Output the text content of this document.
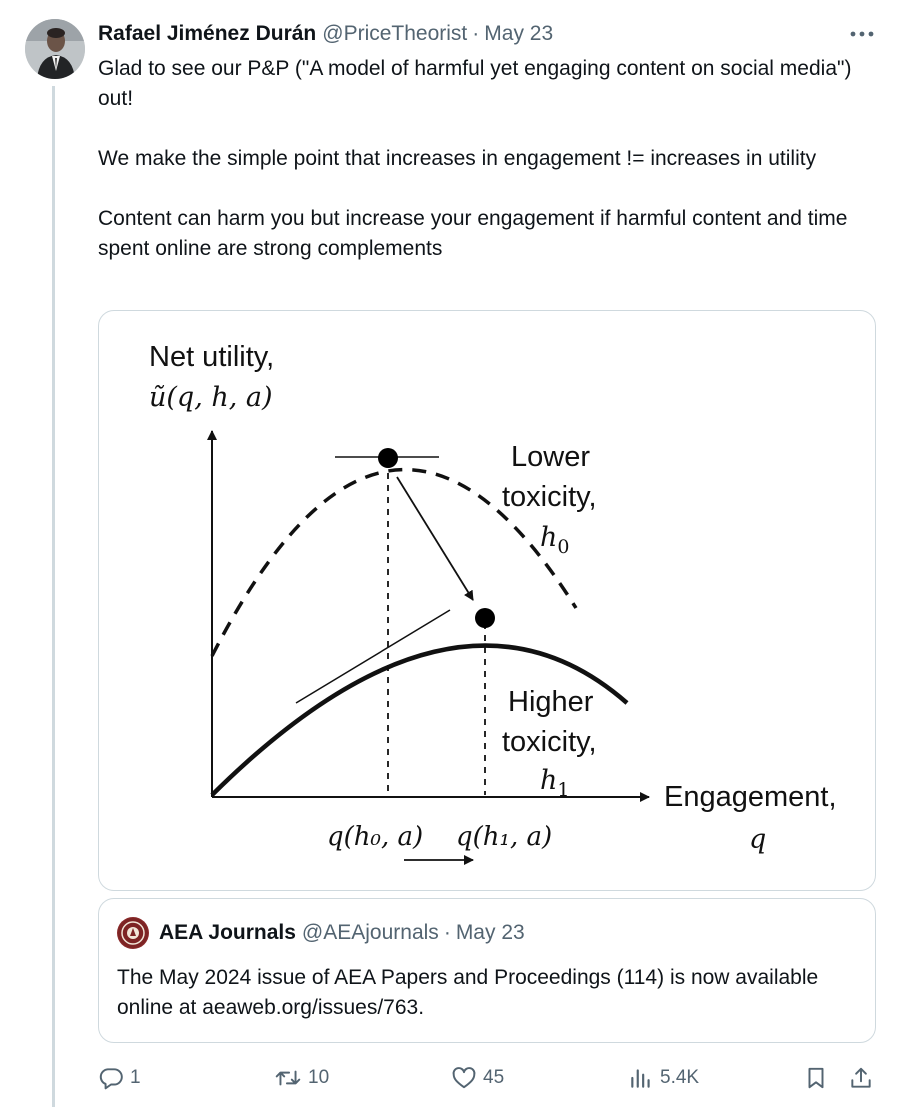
Rafael Jiménez Durán @PriceTheorist · May 23

Glad to see our P&P ("A model of harmful yet engaging content on social media") out!

We make the simple point that increases in engagement != increases in utility

Content can harm you but increase your engagement if harmful content and time spent online are strong complements

Net utility,
ũ(q, h, a)
Lower
toxicity,
$h_0$
Higher
toxicity,
$h_1$	Engagement,
q
q(h₀, a) q(h₁, a)
AEA Journals @AEAjournals · May 23
The May 2024 issue of AEA Papers and Proceedings (114) is now available online at aeaweb.org/issues/763.
1	10	45	5.4K
